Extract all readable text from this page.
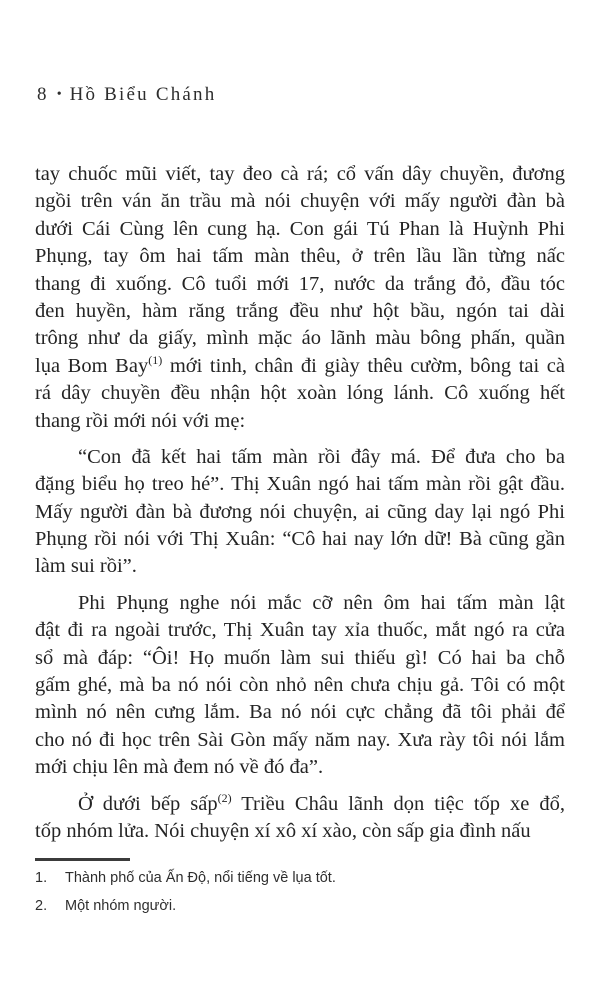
8 • Hồ Biểu Chánh
tay chuốc mũi viết, tay đeo cà rá; cổ vấn dây chuyền, đương
ngồi trên ván ăn trầu mà nói chuyện với mấy người đàn bà
dưới Cái Cùng lên cung hạ. Con gái Tú Phan là Huỳnh Phi
Phụng, tay ôm hai tấm màn thêu, ở trên lầu lần từng nấc
thang đi xuống. Cô tuổi mới 17, nước da trắng đỏ, đầu tóc
đen huyền, hàm răng trắng đều như hột bầu, ngón tai dài
trông như da giấy, mình mặc áo lãnh màu bông phấn, quần
lụa Bom Bay$^{(1)}$ mới tinh, chân đi giày thêu cườm, bông tai cà
rá dây chuyền đều nhận hột xoàn lóng lánh. Cô xuống hết
thang rồi mới nói với mẹ:
“Con đã kết hai tấm màn rồi đây má. Để đưa cho ba
đặng biểu họ treo hé”. Thị Xuân ngó hai tấm màn rồi gật đầu.
Mấy người đàn bà đương nói chuyện, ai cũng day lại ngó Phi
Phụng rồi nói với Thị Xuân: “Cô hai nay lớn dữ! Bà cũng gần
làm sui rồi”.
Phi Phụng nghe nói mắc cỡ nên ôm hai tấm màn lật
đật đi ra ngoài trước, Thị Xuân tay xỉa thuốc, mắt ngó ra cửa
sổ mà đáp: “Ôi! Họ muốn làm sui thiếu gì! Có hai ba chỗ
gấm ghé, mà ba nó nói còn nhỏ nên chưa chịu gả. Tôi có một
mình nó nên cưng lắm. Ba nó nói cực chẳng đã tôi phải để
cho nó đi học trên Sài Gòn mấy năm nay. Xưa rày tôi nói lắm
mới chịu lên mà đem nó về đó đa”.
Ở dưới bếp sấp$^{(2)}$ Triều Châu lãnh dọn tiệc tốp xe đổ,
tốp nhóm lửa. Nói chuyện xí xô xí xào, còn sấp gia đình nấu
1.	Thành phố của Ấn Độ, nổi tiếng về lụa tốt.
2.	Một nhóm người.
